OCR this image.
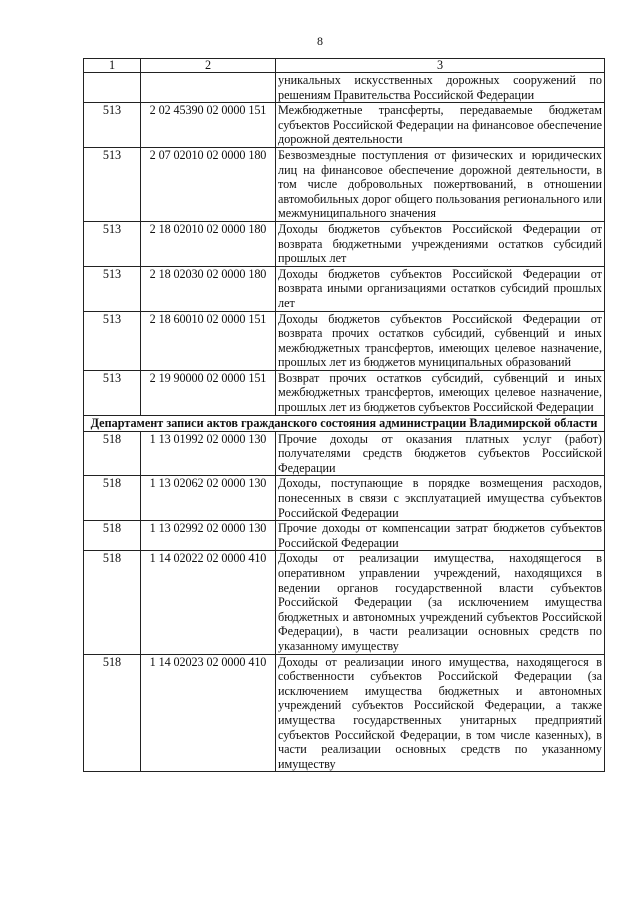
8
1	2	3
		уникальных искусственных дорожных сооружений по решениям Правительства Российской Федерации
513	2 02 45390 02 0000 151	Межбюджетные трансферты, передаваемые бюджетам субъектов Российской Федерации на финансовое обеспечение дорожной деятельности
513	2 07 02010 02 0000 180	Безвозмездные поступления от физических и юридических лиц на финансовое обеспечение дорожной деятельности, в том числе добровольных пожертвований, в отношении автомобильных дорог общего пользования регионального или межмуниципального значения
513	2 18 02010 02 0000 180	Доходы бюджетов субъектов Российской Федерации от возврата бюджетными учреждениями остатков субсидий прошлых лет
513	2 18 02030 02 0000 180	Доходы бюджетов субъектов Российской Федерации от возврата иными организациями остатков субсидий прошлых лет
513	2 18 60010 02 0000 151	Доходы бюджетов субъектов Российской Федерации от возврата прочих остатков субсидий, субвенций и иных межбюджетных трансфертов, имеющих целевое назначение, прошлых лет из бюджетов муниципальных образований
513	2 19 90000 02 0000 151	Возврат прочих остатков субсидий, субвенций и иных межбюджетных трансфертов, имеющих целевое назначение, прошлых лет из бюджетов субъектов Российской Федерации
Департамент записи актов гражданского состояния администрации Владимирской области		
518	1 13 01992 02 0000 130	Прочие доходы от оказания платных услуг (работ) получателями средств бюджетов субъектов Российской Федерации
518	1 13 02062 02 0000 130	Доходы, поступающие в порядке возмещения расходов, понесенных в связи с эксплуатацией имущества субъектов Российской Федерации
518	1 13 02992 02 0000 130	Прочие доходы от компенсации затрат бюджетов субъектов Российской Федерации
518	1 14 02022 02 0000 410	Доходы от реализации имущества, находящегося в оперативном управлении учреждений, находящихся в ведении органов государственной власти субъектов Российской Федерации (за исключением имущества бюджетных и автономных учреждений субъектов Российской Федерации), в части реализации основных средств по указанному имуществу
518	1 14 02023 02 0000 410	Доходы от реализации иного имущества, находящегося в собственности субъектов Российской Федерации (за исключением имущества бюджетных и автономных учреждений субъектов Российской Федерации, а также имущества государственных унитарных предприятий субъектов Российской Федерации, в том числе казенных), в части реализации основных средств по указанному имуществу
